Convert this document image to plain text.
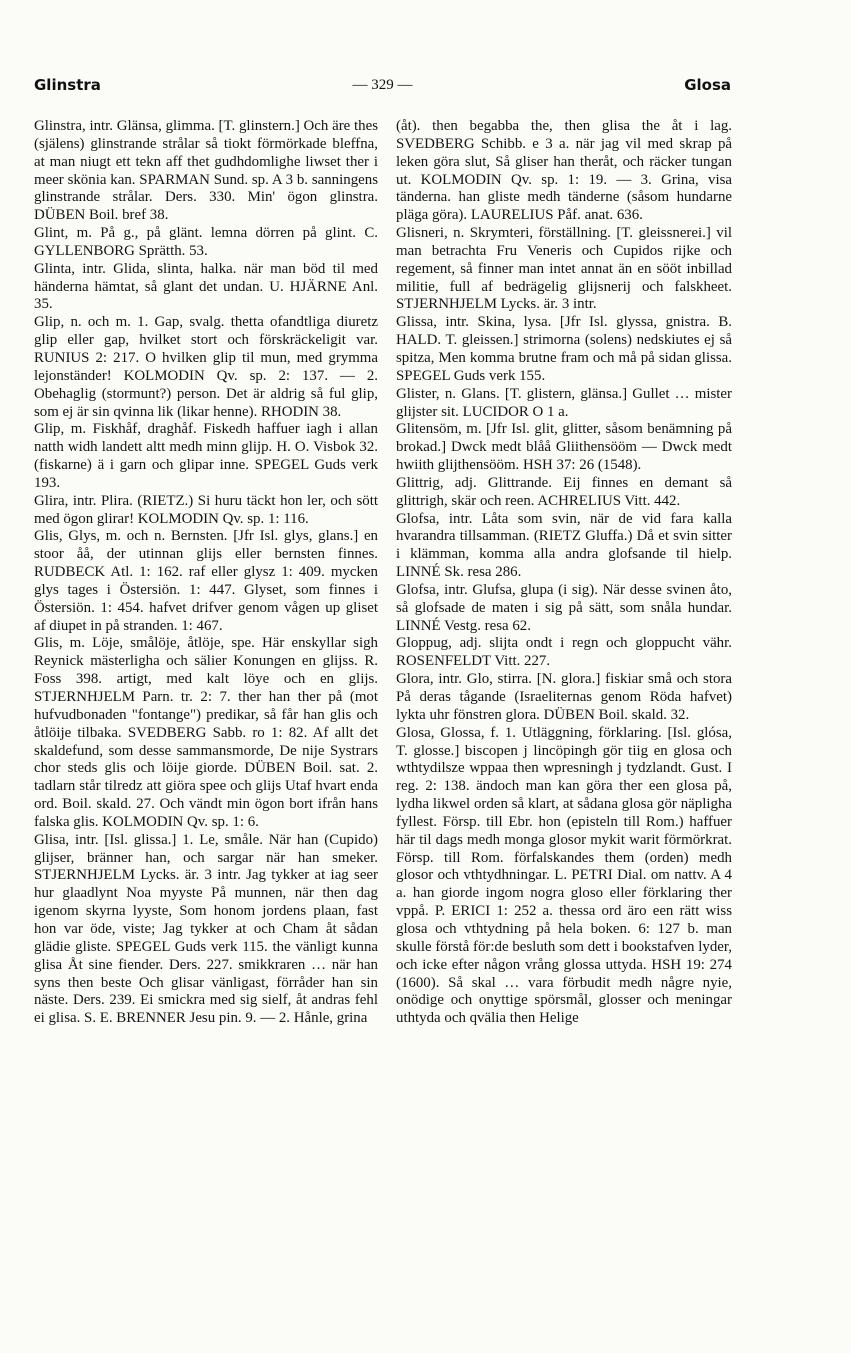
Glinstra	— 329 —	Glosa

Glinstra, intr. Glänsa, glimma. [T. glinstern.] Och äre thes (själens) glinstrande strålar så tiokt förmörkade bleffna, at man niugt ett tekn aff thet gudhdomlighe liwset ther i meer skönia kan. SPARMAN Sund. sp. A 3 b. sanningens glinstrande strålar. Ders. 330. Min' ögon glinstra. DÜBEN Boil. bref 38.

Glint, m. På g., på glänt. lemna dörren på glint. C. GYLLENBORG Sprätth. 53.

Glinta, intr. Glida, slinta, halka. när man böd til med händerna hämtat, så glant det undan. U. HJÄRNE Anl. 35.

Glip, n. och m. 1. Gap, svalg. thetta ofandtliga diuretz glip eller gap, hvilket stort och förskräckeligit var. RUNIUS 2: 217. O hvilken glip til mun, med grymma lejonständer! KOLMODIN Qv. sp. 2: 137. — 2. Obehaglig (stormunt?) person. Det är aldrig så ful glip, som ej är sin qvinna lik (likar henne). RHODIN 38.

Glip, m. Fiskhåf, draghåf. Fiskedh haffuer iagh i allan natth widh landett altt medh minn glijp. H. O. Visbok 32. (fiskarne) ä i garn och glipar inne. SPEGEL Guds verk 193.

Glira, intr. Plira. (RIETZ.) Si huru täckt hon ler, och sött med ögon glirar! KOLMODIN Qv. sp. 1: 116.

Glis, Glys, m. och n. Bernsten. [Jfr Isl. glys, glans.] en stoor åå, der utinnan glijs eller bernsten finnes. RUDBECK Atl. 1: 162. raf eller glysz 1: 409. mycken glys tages i Östersiön. 1: 447. Glyset, som finnes i Östersiön. 1: 454. hafvet drifver genom vågen up gliset af diupet in på stranden. 1: 467.

Glis, m. Löje, smålöje, åtlöje, spe. Här enskyllar sigh Reynick mästerligha och sälier Konungen en glijss. R. Foss 398. artigt, med kalt löye och en glijs. STJERNHJELM Parn. tr. 2: 7. ther han ther på (mot hufvudbonaden "fontange") predikar, så får han glis och åtlöije tilbaka. SVEDBERG Sabb. ro 1: 82. Af allt det skaldefund, som desse sammansmorde, De nije Systrars chor steds glis och löije giorde. DÜBEN Boil. sat. 2. tadlarn står tilredz att giöra spee och glijs Utaf hvart enda ord. Boil. skald. 27. Och vändt min ögon bort ifrån hans falska glis. KOLMODIN Qv. sp. 1: 6.

Glisa, intr. [Isl. glissa.] 1. Le, småle. När han (Cupido) glijser, bränner han, och sargar när han smeker. STJERNHJELM Lycks. är. 3 intr. Jag tykker at iag seer hur glaadlynt Noa myyste På munnen, när then dag igenom skyrna lyyste, Som honom jordens plaan, fast hon var öde, viste; Jag tykker at och Cham åt sådan glädie gliste. SPEGEL Guds verk 115. the vänligt kunna glisa Åt sine fiender. Ders. 227. smikkraren … när han syns then beste Och glisar vänligast, förråder han sin näste. Ders. 239. Ei smickra med sig sielf, åt andras fehl ei glisa. S. E. BRENNER Jesu pin. 9. — 2. Hånle, grina

(åt). then begabba the, then glisa the åt i lag. SVEDBERG Schibb. e 3 a. när jag vil med skrap på leken göra slut, Så gliser han theråt, och räcker tungan ut. KOLMODIN Qv. sp. 1: 19. — 3. Grina, visa tänderna. han gliste medh tänderne (såsom hundarne pläga göra). LAURELIUS Påf. anat. 636.

Glisneri, n. Skrymteri, förställning. [T. gleissnerei.] vil man betrachta Fru Veneris och Cupidos rijke och regement, så finner man intet annat än en sööt inbillad militie, full af bedrägelig glijsnerij och falskheet. STJERNHJELM Lycks. är. 3 intr.

Glissa, intr. Skina, lysa. [Jfr Isl. glyssa, gnistra. B. HALD. T. gleissen.] strimorna (solens) nedskiutes ej så spitza, Men komma brutne fram och må på sidan glissa. SPEGEL Guds verk 155.

Glister, n. Glans. [T. glistern, glänsa.] Gullet … mister glijster sit. LUCIDOR O 1 a.

Glitensöm, m. [Jfr Isl. glit, glitter, såsom benämning på brokad.] Dwck medt blåå Gliithensööm — Dwck medt hwiith glijthensööm. HSH 37: 26 (1548).

Glittrig, adj. Glittrande. Eij finnes en demant så glittrigh, skär och reen. ACHRELIUS Vitt. 442.

Glofsa, intr. Låta som svin, när de vid fara kalla hvarandra tillsamman. (RIETZ Gluffa.) Då et svin sitter i klämman, komma alla andra glofsande til hielp. LINNÉ Sk. resa 286.

Glofsa, intr. Glufsa, glupa (i sig). När desse svinen åto, så glofsade de maten i sig på sätt, som snåla hundar. LINNÉ Vestg. resa 62.

Gloppug, adj. slijta ondt i regn och gloppucht vähr. ROSENFELDT Vitt. 227.

Glora, intr. Glo, stirra. [N. glora.] fiskiar små och stora På deras tågande (Israeliternas genom Röda hafvet) lykta uhr fönstren glora. DÜBEN Boil. skald. 32.

Glosa, Glossa, f. 1. Utläggning, förklaring. [Isl. glósa, T. glosse.] biscopen j lincöpingh gör tiig en glosa och wthtydilsze wppaa then wpresningh j tydzlandt. Gust. I reg. 2: 138. ändoch man kan göra ther een glosa på, lydha likwel orden så klart, at sådana glosa gör näpligha fyllest. Försp. till Ebr. hon (episteln till Rom.) haffuer här til dags medh monga glosor mykit warit förmörkrat. Försp. till Rom. förfalskandes them (orden) medh glosor och vthtydhningar. L. PETRI Dial. om nattv. A 4 a. han giorde ingom nogra gloso eller förklaring ther vppå. P. ERICI 1: 252 a. thessa ord äro een rätt wiss glosa och vthtydning på hela boken. 6: 127 b. man skulle förstå för:de besluth som dett i bookstafven lyder, och icke efter någon vrång glossa uttyda. HSH 19: 274 (1600). Så skal … vara förbudit medh någre nyie, onödige och onyttige spörsmål, glosser och meningar uthtyda och qvälia then Helige
